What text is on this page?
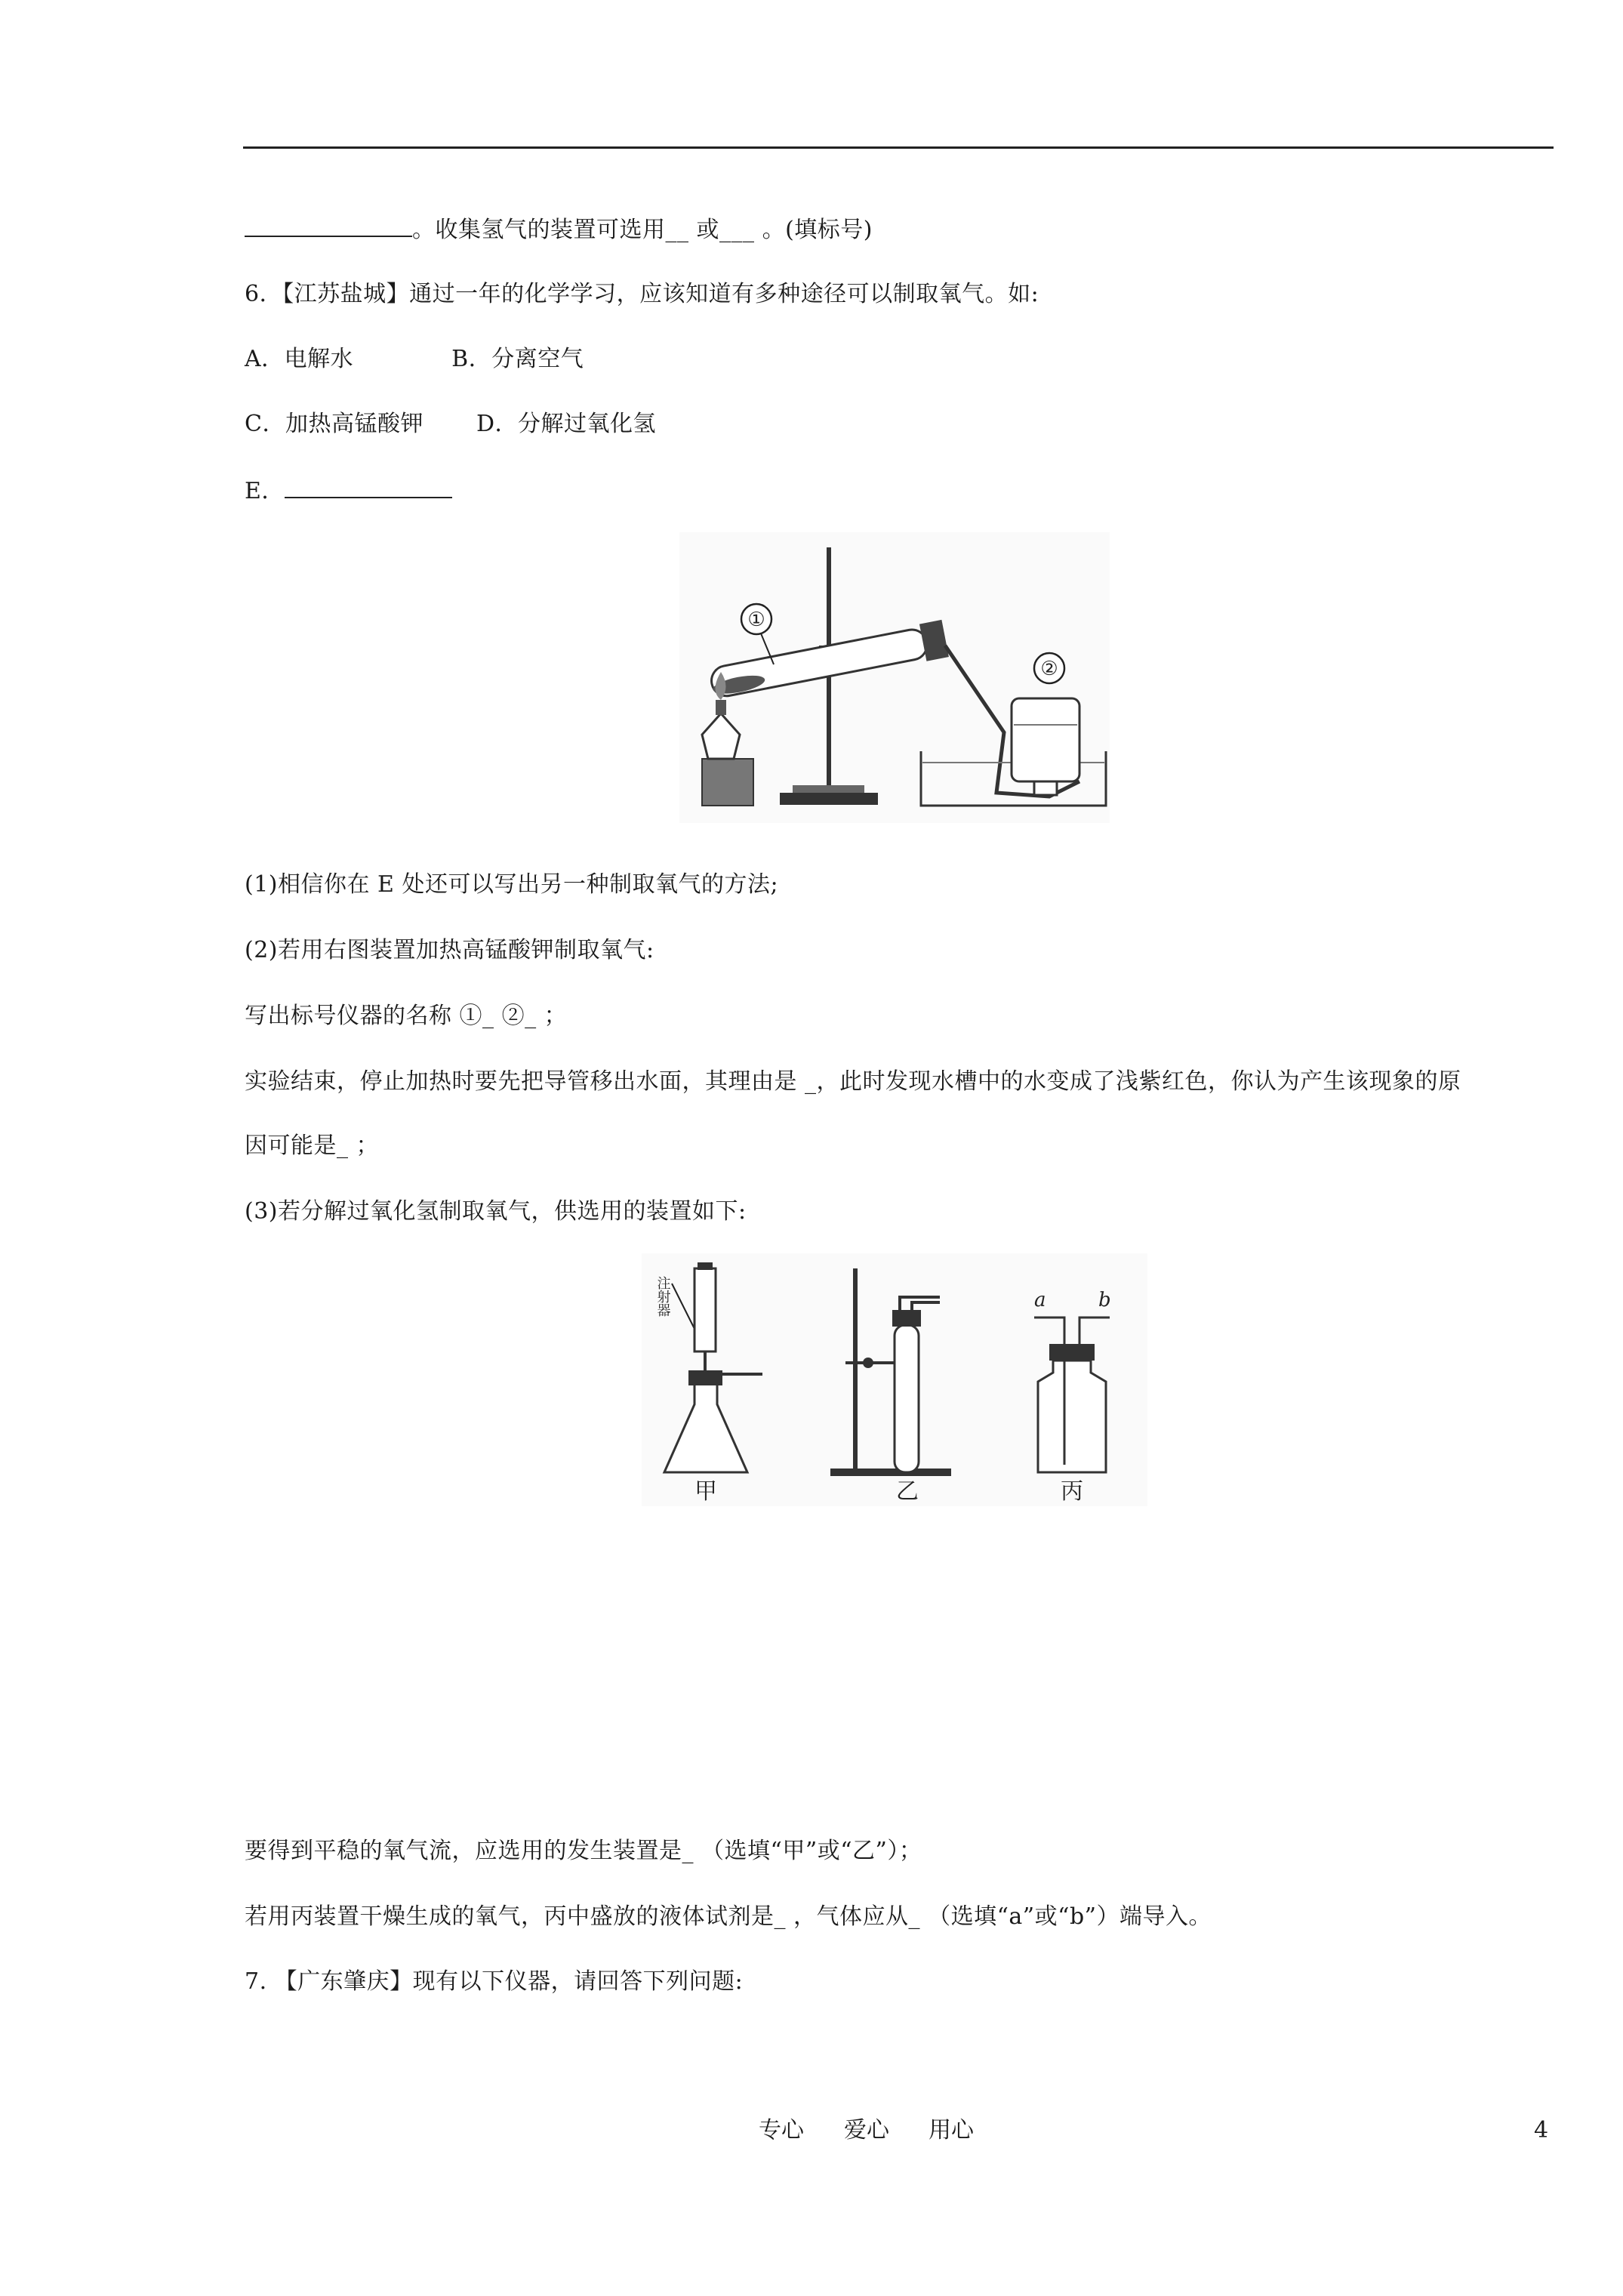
。收集氢气的装置可选用__ 或___ 。(填标号)
6．【江苏盐城】通过一年的化学学习，应该知道有多种途径可以制取氧气。如:
A．电解水	B．分离空气
C．加热高锰酸钾 D．分解过氧化氢
E．
①
②
(1)相信你在 E 处还可以写出另一种制取氧气的方法;
(2)若用右图装置加热高锰酸钾制取氧气:
写出标号仪器的名称 ①_ ②_ ；
实验结束，停止加热时要先把导管移出水面，其理由是 _，此时发现水槽中的水变成了浅紫红色，你认为产生该现象的原
因可能是_ ；
(3)若分解过氧化氢制取氧气，供选用的装置如下:
注射器
甲	乙
a	b
丙
要得到平稳的氧气流，应选用的发生装置是_ （选填“甲”或“乙”）；
若用丙装置干燥生成的氧气，丙中盛放的液体试剂是_ ，气体应从_ （选填“a”或“b”）端导入。
7. 【广东肇庆】现有以下仪器，请回答下列问题:
专心 爱心 用心	4
